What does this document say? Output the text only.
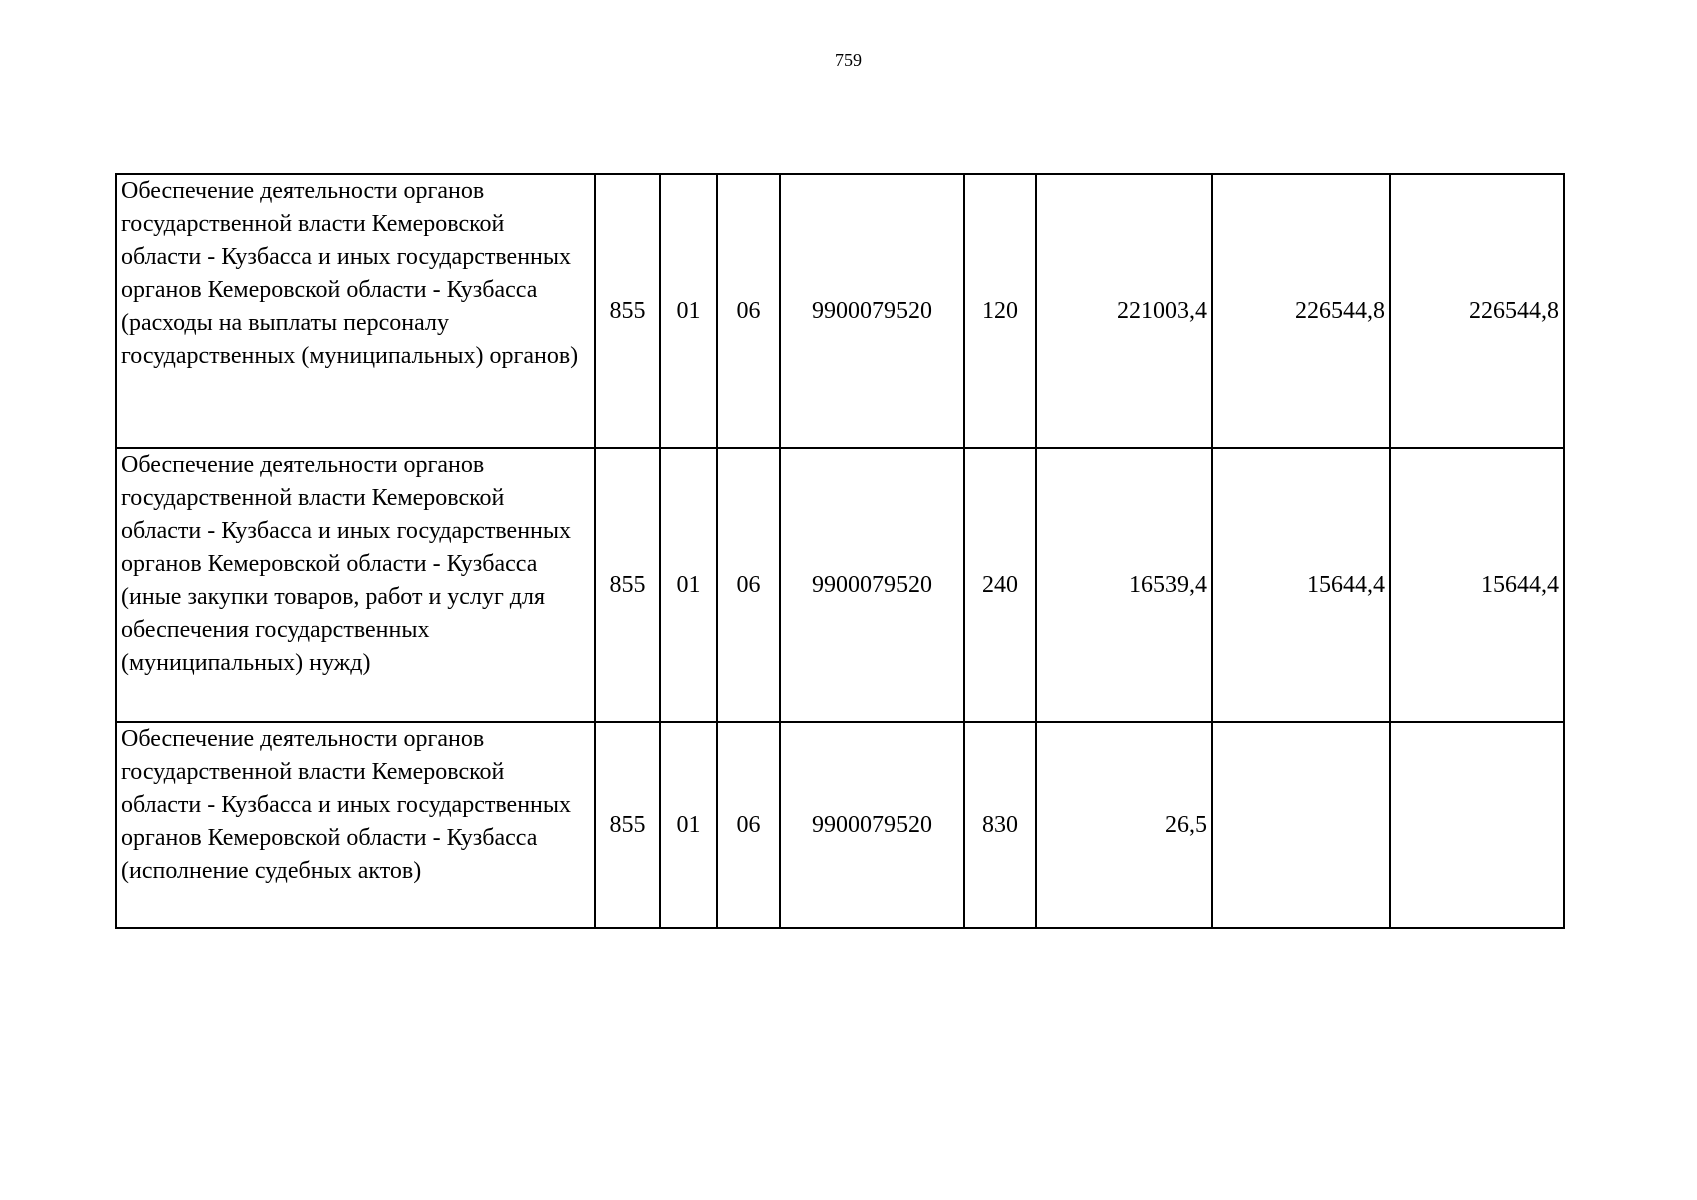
759
Обеспечение деятельности органов государственной власти Кемеровской области - Кузбасса и иных государственных органов Кемеровской области - Кузбасса (расходы на выплаты персоналу государственных (муниципальных) органов)	855	01	06	9900079520	120	221003,4	226544,8	226544,8
Обеспечение деятельности органов государственной власти Кемеровской области - Кузбасса и иных государственных органов Кемеровской области - Кузбасса (иные закупки товаров, работ и услуг для обеспечения государственных (муниципальных) нужд)	855	01	06	9900079520	240	16539,4	15644,4	15644,4
Обеспечение деятельности органов государственной власти Кемеровской области - Кузбасса и иных государственных органов Кемеровской области - Кузбасса (исполнение судебных актов)	855	01	06	9900079520	830	26,5		
